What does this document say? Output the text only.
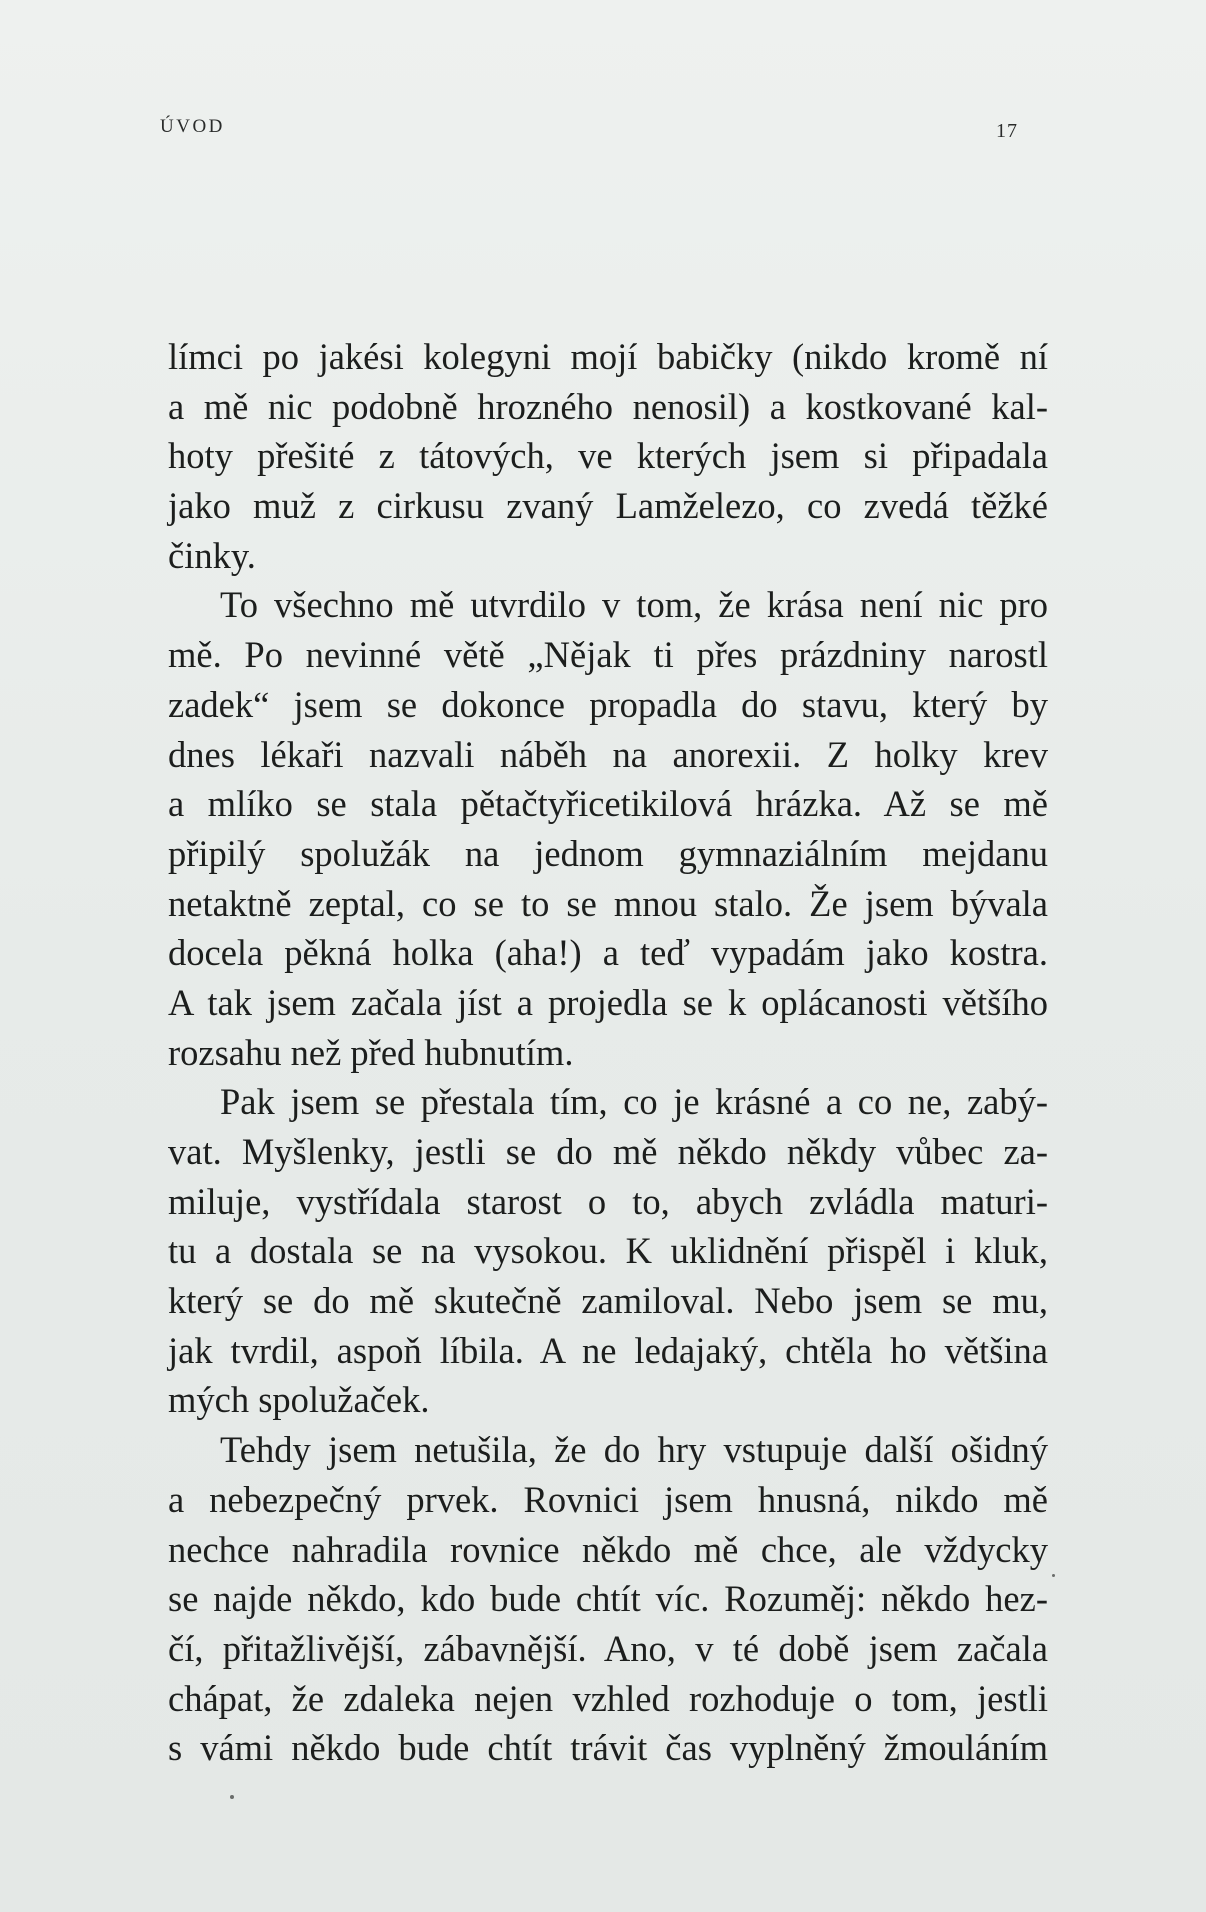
ÚVOD	17
límci po jakési kolegyni mojí babičky (nikdo kromě ní
a mě nic podobně hrozného nenosil) a kostkované kal-
hoty přešité z tátových, ve kterých jsem si připadala
jako muž z cirkusu zvaný Lamželezo, co zvedá těžké
činky.
To všechno mě utvrdilo v tom, že krása není nic pro
mě. Po nevinné větě „Nějak ti přes prázdniny narostl
zadek“ jsem se dokonce propadla do stavu, který by
dnes lékaři nazvali náběh na anorexii. Z holky krev
a mlíko se stala pětačtyřicetikilová hrázka. Až se mě
připilý spolužák na jednom gymnaziálním mejdanu
netaktně zeptal, co se to se mnou stalo. Že jsem bývala
docela pěkná holka (aha!) a teď vypadám jako kostra.
A tak jsem začala jíst a projedla se k oplácanosti většího
rozsahu než před hubnutím.
Pak jsem se přestala tím, co je krásné a co ne, zabý-
vat. Myšlenky, jestli se do mě někdo někdy vůbec za-
miluje, vystřídala starost o to, abych zvládla maturi-
tu a dostala se na vysokou. K uklidnění přispěl i kluk,
který se do mě skutečně zamiloval. Nebo jsem se mu,
jak tvrdil, aspoň líbila. A ne ledajaký, chtěla ho většina
mých spolužaček.
Tehdy jsem netušila, že do hry vstupuje další ošidný
a nebezpečný prvek. Rovnici jsem hnusná, nikdo mě
nechce nahradila rovnice někdo mě chce, ale vždycky
se najde někdo, kdo bude chtít víc. Rozuměj: někdo hez-
čí, přitažlivější, zábavnější. Ano, v té době jsem začala
chápat, že zdaleka nejen vzhled rozhoduje o tom, jestli
s vámi někdo bude chtít trávit čas vyplněný žmouláním
